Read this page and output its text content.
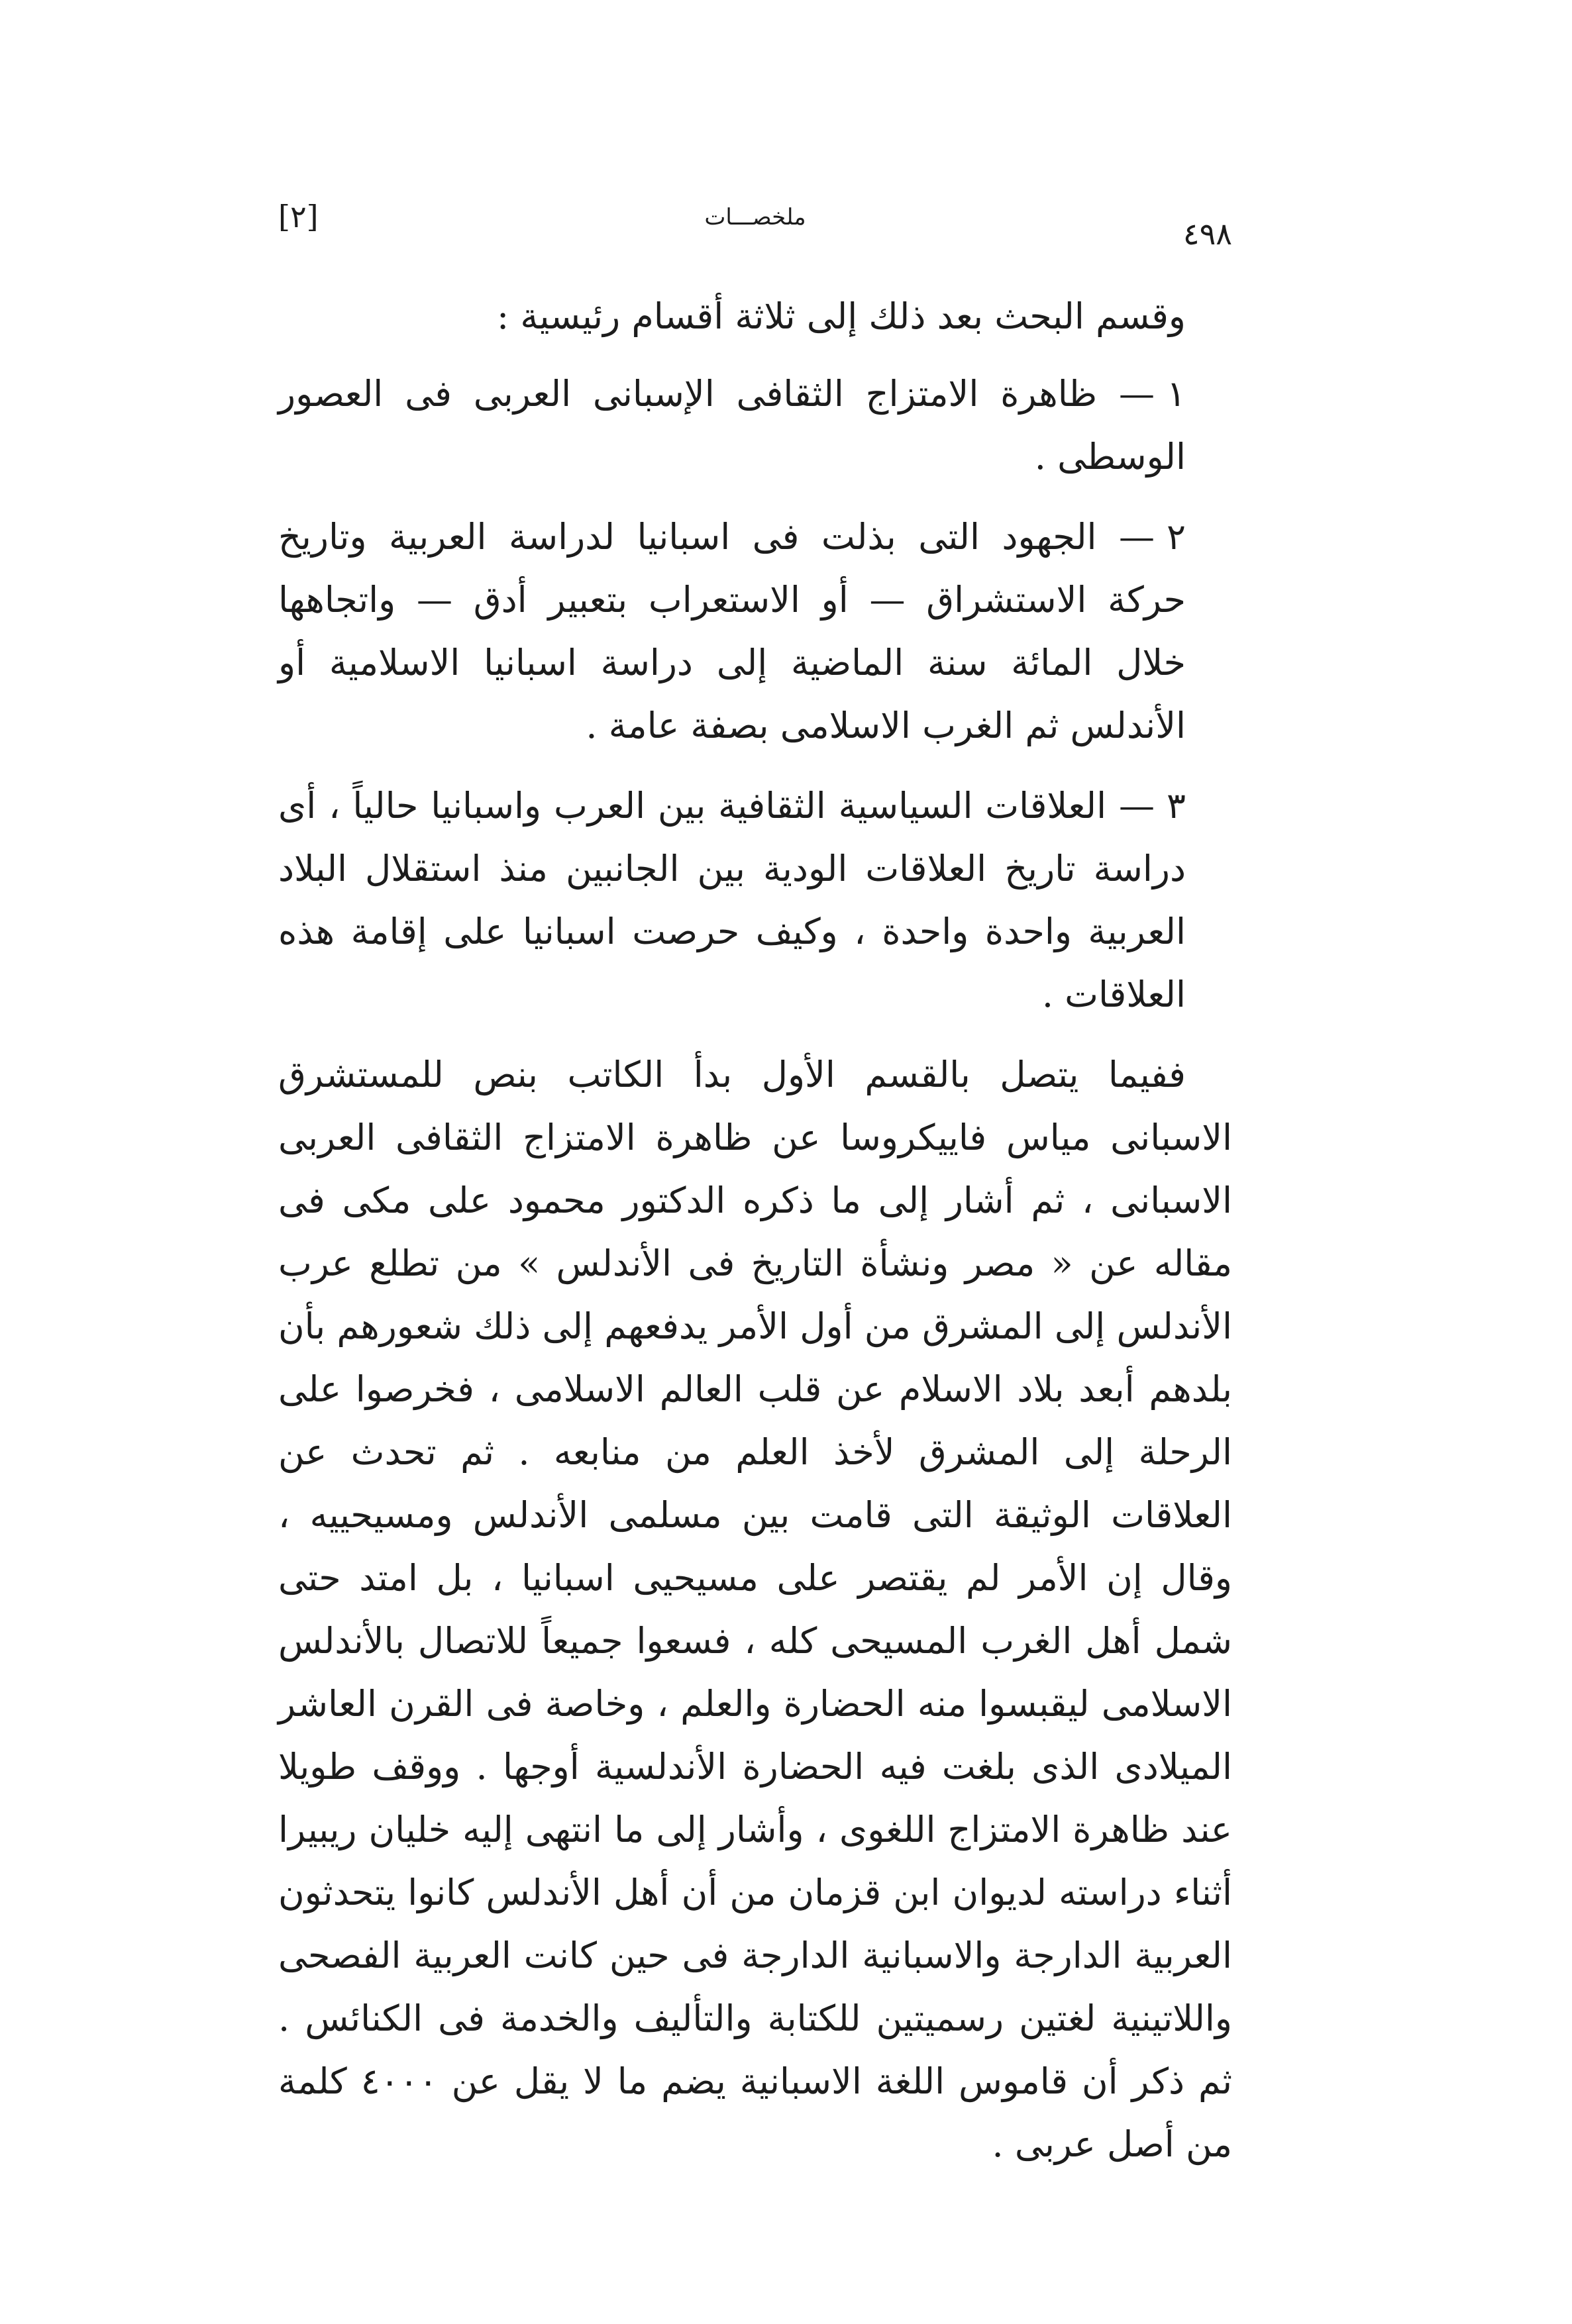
[٢]	ملخصـــات	٤٩٨

وقسم البحث بعد ذلك إلى ثلاثة أقسام رئيسية :

١— ظاهرة الامتزاج الثقافى الإسبانى العربى فى العصور الوسطى .

٢— الجهود التى بذلت فى اسبانيا لدراسة العربية وتاريخ حركة الاستشراق — أو الاستعراب بتعبير أدق — واتجاهها خلال المائة سنة الماضية إلى دراسة اسبانيا الاسلامية أو الأندلس ثم الغرب الاسلامى بصفة عامة .

٣— العلاقات السياسية الثقافية بين العرب واسبانيا حالياً ، أى دراسة تاريخ العلاقات الودية بين الجانبين منذ استقلال البلاد العربية واحدة واحدة ، وكيف حرصت اسبانيا على إقامة هذه العلاقات .

ففيما يتصل بالقسم الأول بدأ الكاتب بنص للمستشرق الاسبانى مياس فاييكروسا عن ظاهرة الامتزاج الثقافى العربى الاسبانى ، ثم أشار إلى ما ذكره الدكتور محمود على مكى فى مقاله عن « مصر ونشأة التاريخ فى الأندلس » من تطلع عرب الأندلس إلى المشرق من أول الأمر يدفعهم إلى ذلك شعورهم بأن بلدهم أبعد بلاد الاسلام عن قلب العالم الاسلامى ، فخرصوا على الرحلة إلى المشرق لأخذ العلم من منابعه . ثم تحدث عن العلاقات الوثيقة التى قامت بين مسلمى الأندلس ومسيحييه ، وقال إن الأمر لم يقتصر على مسيحيى اسبانيا ، بل امتد حتى شمل أهل الغرب المسيحى كله ، فسعوا جميعاً للاتصال بالأندلس الاسلامى ليقبسوا منه الحضارة والعلم ، وخاصة فى القرن العاشر الميلادى الذى بلغت فيه الحضارة الأندلسية أوجها . ووقف طويلا عند ظاهرة الامتزاج اللغوى ، وأشار إلى ما انتهى إليه خليان ريبيرا أثناء دراسته لديوان ابن قزمان من أن أهل الأندلس كانوا يتحدثون العربية الدارجة والاسبانية الدارجة فى حين كانت العربية الفصحى واللاتينية لغتين رسميتين للكتابة والتأليف والخدمة فى الكنائس . ثم ذكر أن قاموس اللغة الاسبانية يضم ما لا يقل عن ٤٠٠٠ كلمة من أصل عربى .
